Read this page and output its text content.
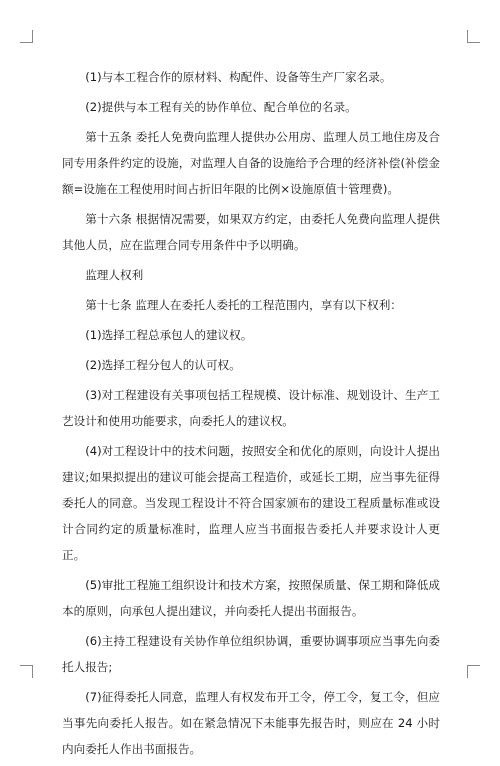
(1)与本工程合作的原材料、构配件、设备等生产厂家名录。

(2)提供与本工程有关的协作单位、配合单位的名录。

第十五条 委托人免费向监理人提供办公用房、监理人员工地住房及合同专用条件约定的设施，对监理人自备的设施给予合理的经济补偿(补偿金额=设施在工程使用时间占折旧年限的比例×设施原值十管理费)。

第十六条 根据情况需要，如果双方约定，由委托人免费向监理人提供其他人员，应在监理合同专用条件中予以明确。

监理人权利

第十七条 监理人在委托人委托的工程范围内，享有以下权利：

(1)选择工程总承包人的建议权。

(2)选择工程分包人的认可权。

(3)对工程建设有关事项包括工程规模、设计标准、规划设计、生产工艺设计和使用功能要求，向委托人的建议权。

(4)对工程设计中的技术问题，按照安全和优化的原则，向设计人提出建议;如果拟提出的建议可能会提高工程造价，或延长工期，应当事先征得委托人的同意。当发现工程设计不符合国家颁布的建设工程质量标准或设计合同约定的质量标准时，监理人应当书面报告委托人并要求设计人更正。

(5)审批工程施工组织设计和技术方案，按照保质量、保工期和降低成本的原则，向承包人提出建议，并向委托人提出书面报告。

(6)主持工程建设有关协作单位组织协调，重要协调事项应当事先向委托人报告;

(7)征得委托人同意，监理人有权发布开工令，停工令，复工令，但应当事先向委托人报告。如在紧急情况下未能事先报告时，则应在 24 小时内向委托人作出书面报告。
